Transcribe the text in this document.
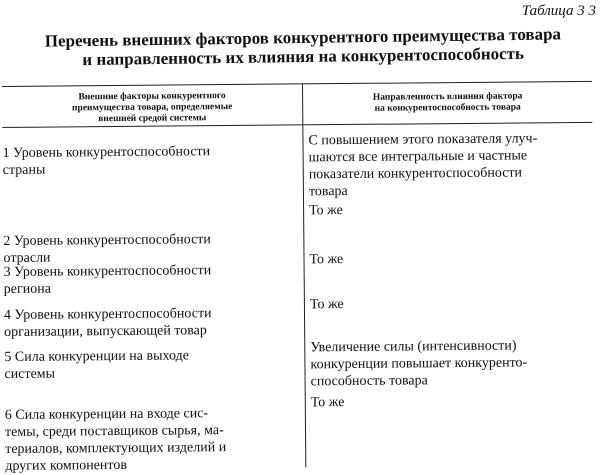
Таблица 3 3
Перечень внешних факторов конкурентного преимущества товара
и направленность их влияния на конкурентоспособность
Внешние факторы конкурентного
преимущества товара, определяемые
внешней средой системы
Направленность влияния фактора
на конкурентоспособность товара
1 Уровень конкурентоспособности
страны
С повышением этого показателя улуч-
шаются все интегральные и частные
показатели конкурентоспособности
товара
2 Уровень конкурентоспособности
отрасли
То же
3 Уровень конкурентоспособности
региона
То же
4 Уровень конкурентоспособности
организации, выпускающей товар
То же
5 Сила конкуренции на выходе
системы
Увеличение силы (интенсивности)
конкуренции повышает конкуренто-
способность товара
6 Сила конкуренции на входе сис-
темы, среди поставщиков сырья, ма-
териалов, комплектующих изделий и
других компонентов
То же
